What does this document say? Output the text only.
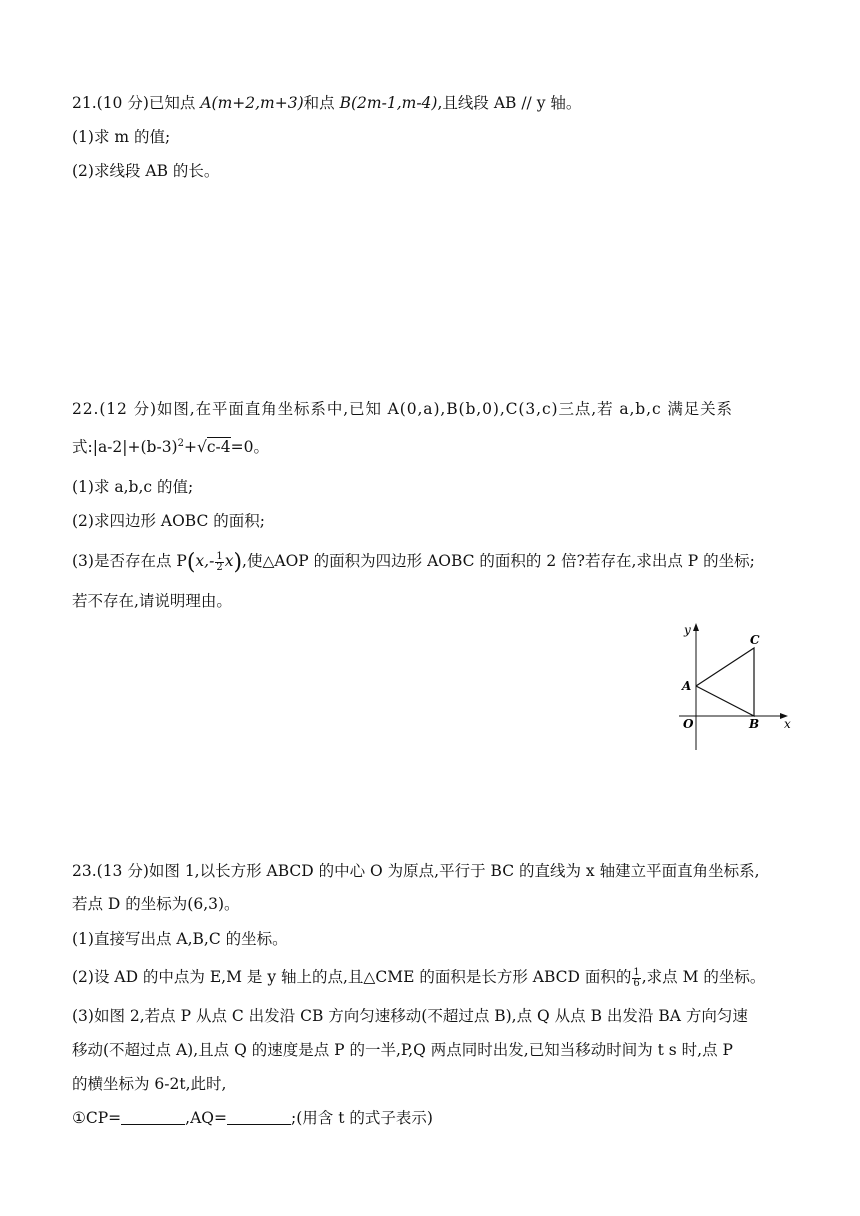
21.(10 分)已知点 A(m+2,m+3)和点 B(2m-1,m-4),且线段 AB // y 轴。
(1)求 m 的值;
(2)求线段 AB 的长。
22.(12 分)如图,在平面直角坐标系中,已知 A(0,a),B(b,0),C(3,c)三点,若 a,b,c 满足关系
式$:|a-2|+(b-3)^2+√c-4=0$。
(1)求 a,b,c 的值;
(2)求四边形 AOBC 的面积;
(3)是否存在点 $P(x,- \frac{1}{2} x)$,使△AOP 的面积为四边形 AOBC 的面积的 2 倍?若存在,求出点 P 的坐标;
若不存在,请说明理由。
y
x
A
B
C
O
23.(13 分)如图 1,以长方形 ABCD 的中心 O 为原点,平行于 BC 的直线为 x 轴建立平面直角坐标系,
若点 D 的坐标为(6,3)。
(1)直接写出点 A,B,C 的坐标。
(2)设 AD 的中点为 E,M 是 y 轴上的点,且△CME 的面积是长方形 ABCD 面积的 $\frac{1}{6}$ ,求点 M 的坐标。
(3)如图 2,若点 P 从点 C 出发沿 CB 方向匀速移动(不超过点 B),点 Q 从点 B 出发沿 BA 方向匀速
移动(不超过点 A),且点 Q 的速度是点 P 的一半,P,Q 两点同时出发,已知当移动时间为 t s 时,点 P
的横坐标为 6-2t,此时,
①CP=	,AQ=	;(用含 t 的式子表示)
